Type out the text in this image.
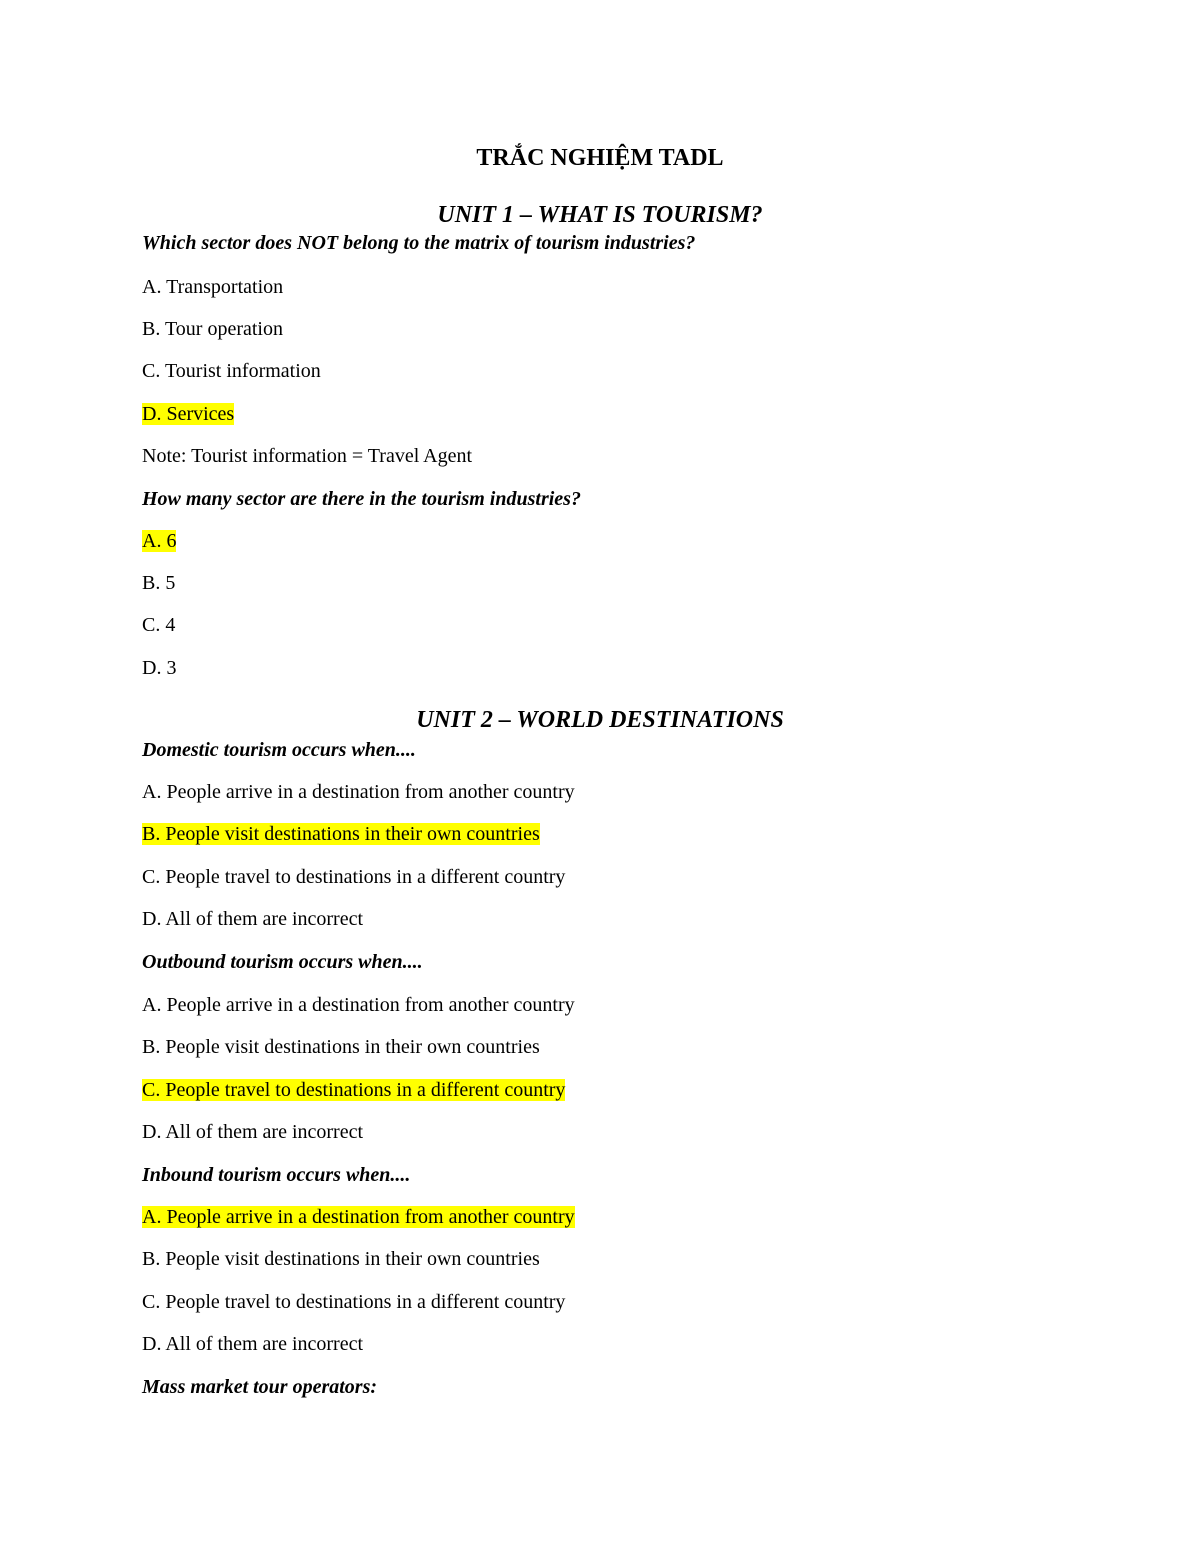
TRẮC NGHIỆM TADL
UNIT 1 – WHAT IS TOURISM?

Which sector does NOT belong to the matrix of tourism industries?

A. Transportation

B. Tour operation

C. Tourist information

D. Services

Note: Tourist information = Travel Agent

How many sector are there in the tourism industries?

A. 6

B. 5

C. 4

D. 3

UNIT 2 – WORLD DESTINATIONS

Domestic tourism occurs when....

A. People arrive in a destination from another country

B. People visit destinations in their own countries

C. People travel to destinations in a different country

D. All of them are incorrect

Outbound tourism occurs when....

A. People arrive in a destination from another country

B. People visit destinations in their own countries

C. People travel to destinations in a different country

D. All of them are incorrect

Inbound tourism occurs when....

A. People arrive in a destination from another country

B. People visit destinations in their own countries

C. People travel to destinations in a different country

D. All of them are incorrect

Mass market tour operators:
